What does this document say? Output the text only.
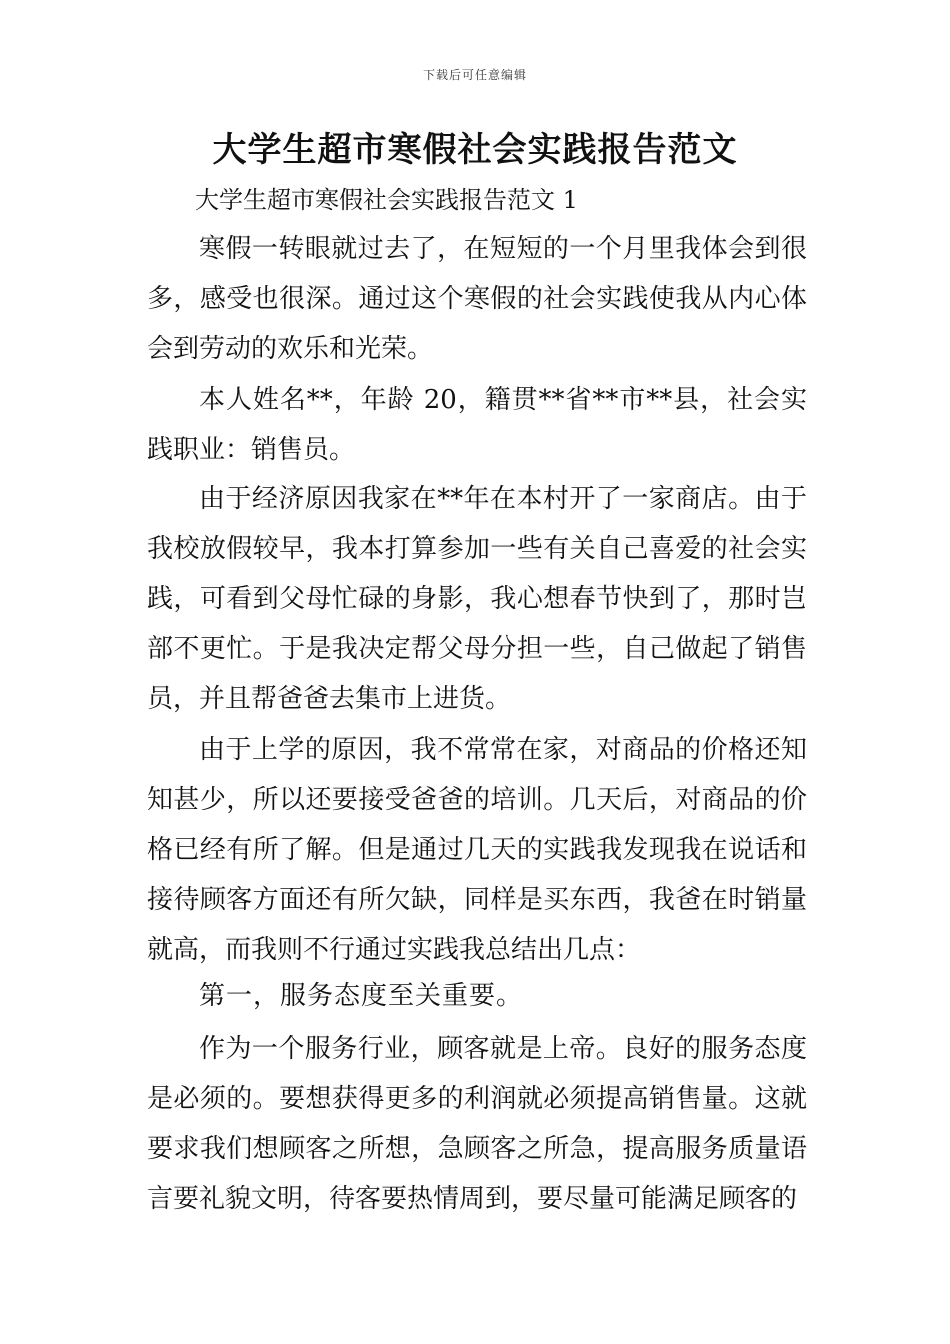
下载后可任意编辑
大学生超市寒假社会实践报告范文

大学生超市寒假社会实践报告范文 1

寒假一转眼就过去了，在短短的一个月里我体会到很多，感受也很深。通过这个寒假的社会实践使我从内心体会到劳动的欢乐和光荣。

本人姓名**，年龄 20，籍贯**省**市**县，社会实践职业：销售员。

由于经济原因我家在**年在本村开了一家商店。由于我校放假较早，我本打算参加一些有关自己喜爱的社会实践，可看到父母忙碌的身影，我心想春节快到了，那时岂部不更忙。于是我决定帮父母分担一些，自己做起了销售员，并且帮爸爸去集市上进货。

由于上学的原因，我不常常在家，对商品的价格还知知甚少，所以还要接受爸爸的培训。几天后，对商品的价格已经有所了解。但是通过几天的实践我发现我在说话和接待顾客方面还有所欠缺，同样是买东西，我爸在时销量就高，而我则不行通过实践我总结出几点：

第一，服务态度至关重要。

作为一个服务行业，顾客就是上帝。良好的服务态度是必须的。要想获得更多的利润就必须提高销售量。这就要求我们想顾客之所想，急顾客之所急，提高服务质量语言要礼貌文明，待客要热情周到，要尽量可能满足顾客的
